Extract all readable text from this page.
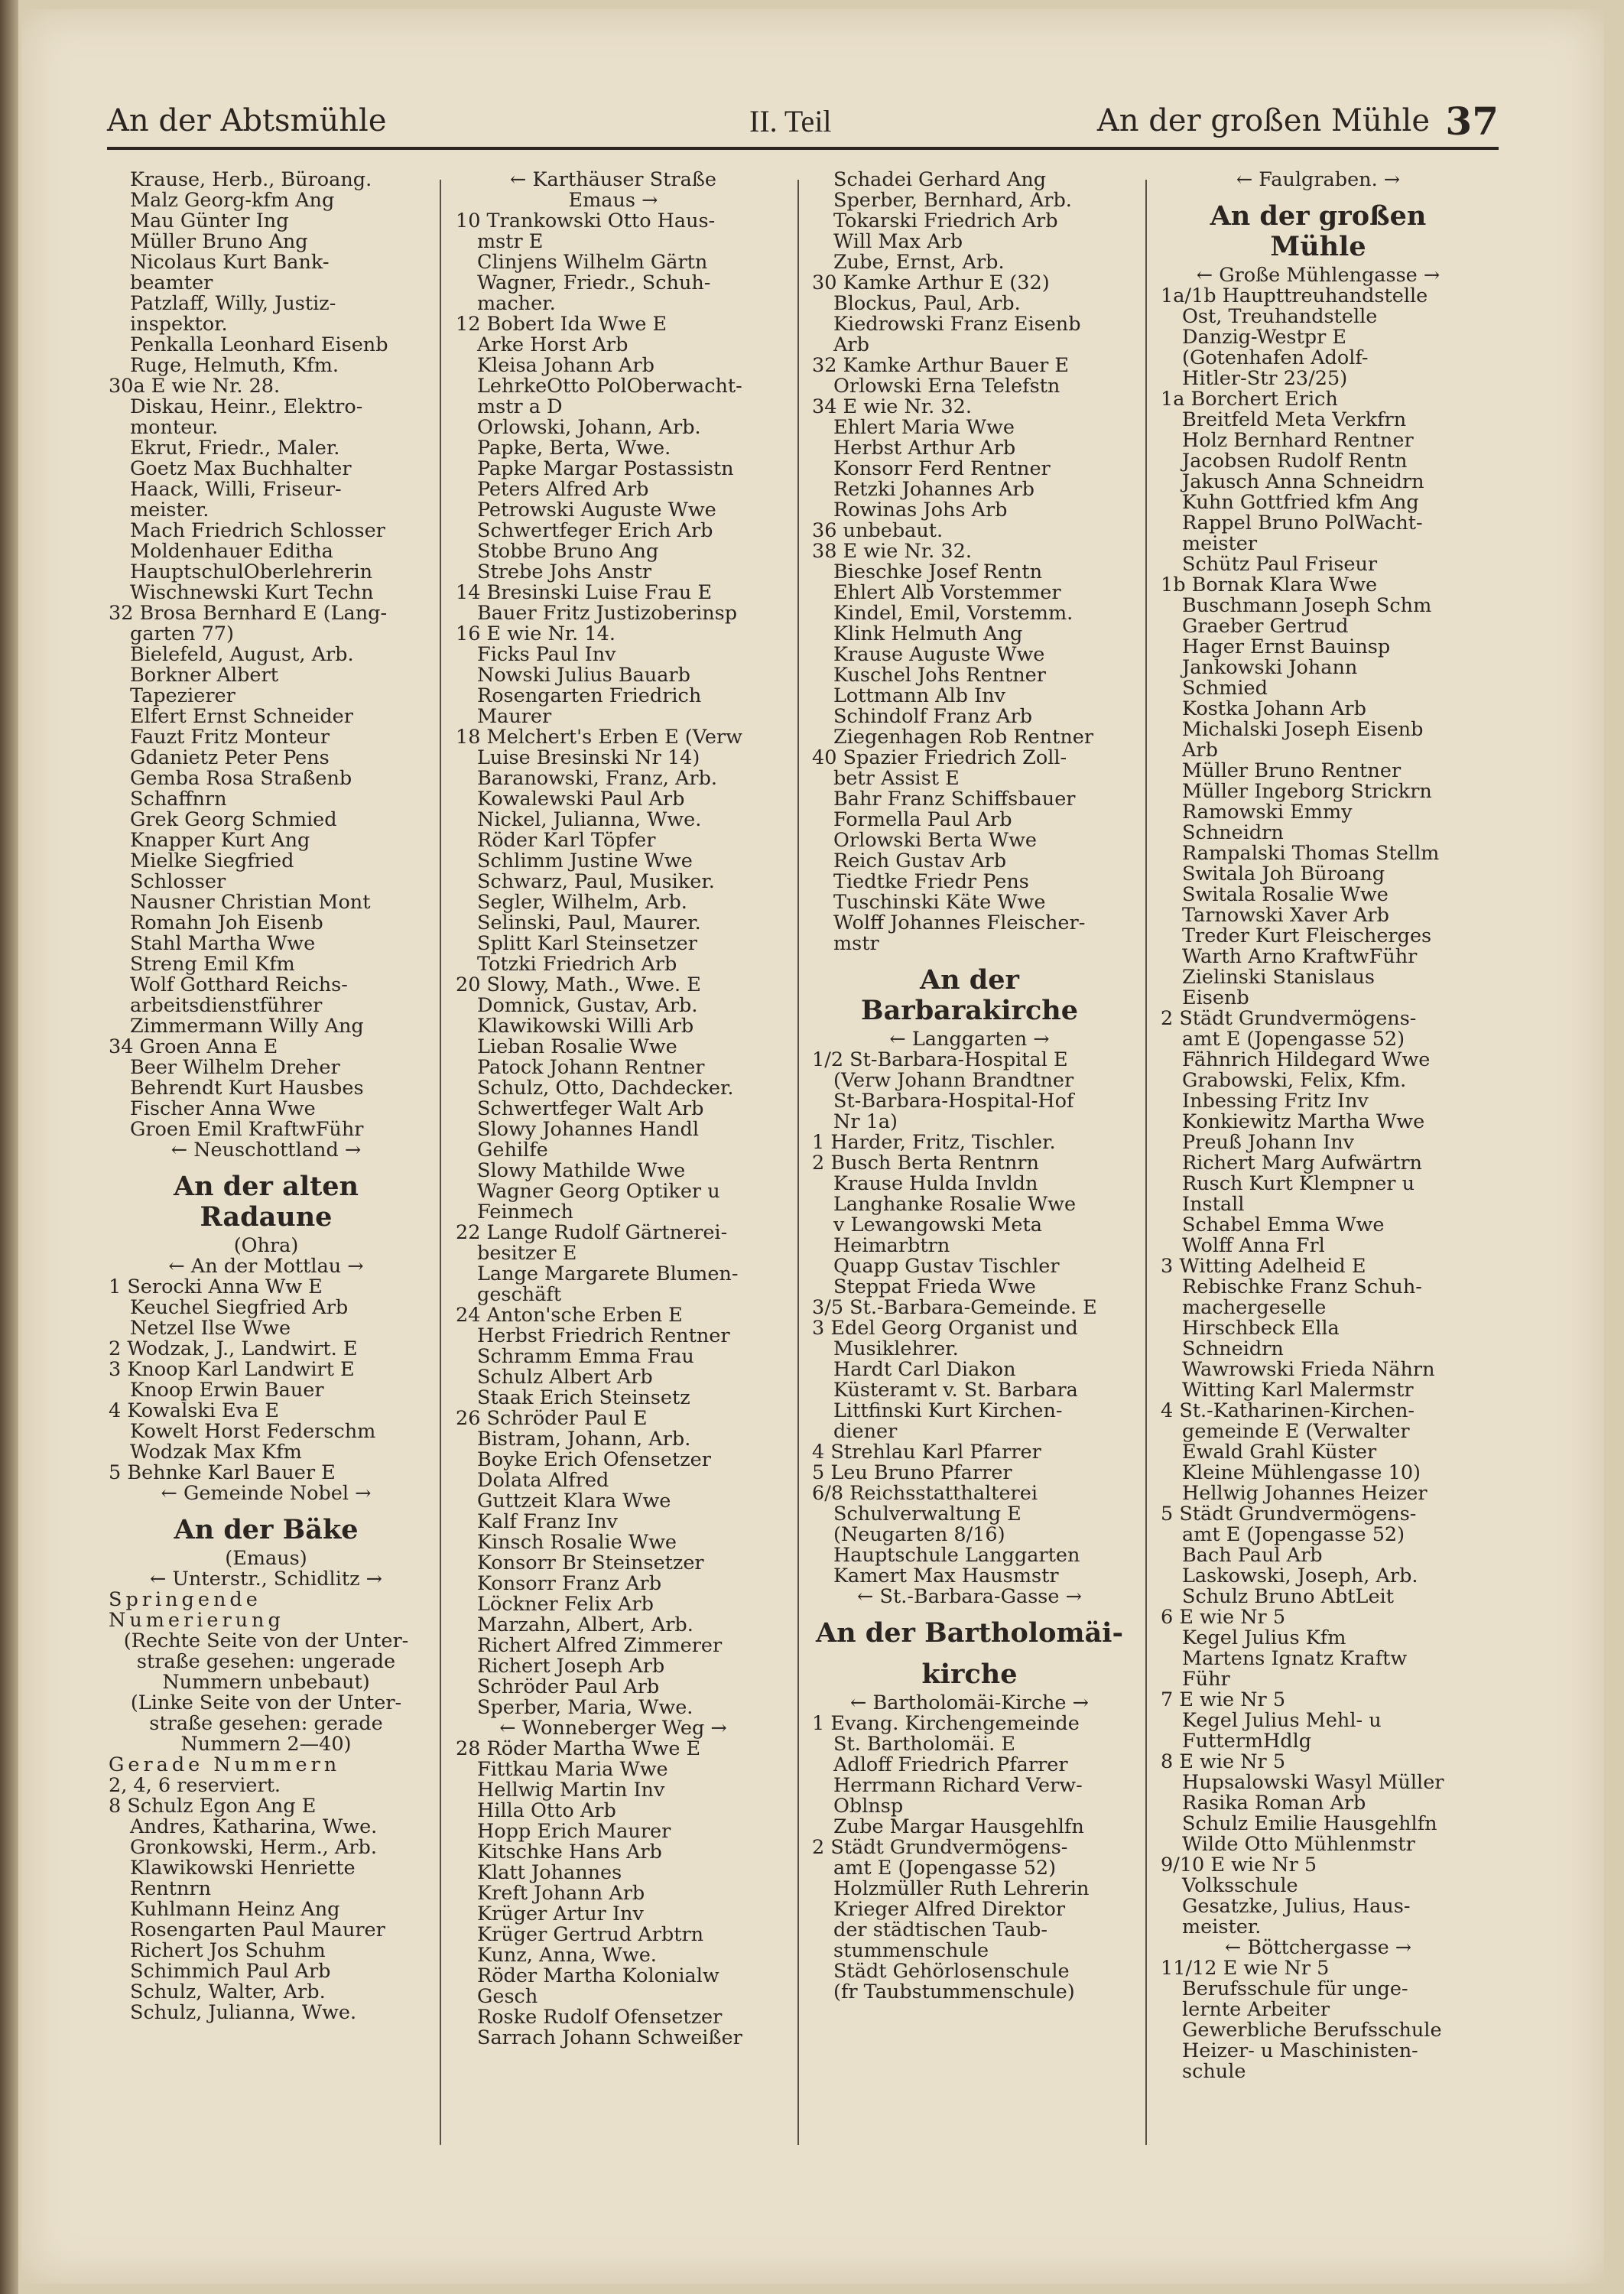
An der Abtsmühle	II. Teil	An der großen Mühle 37
Krause, Herb., Büroang.
Malz Georg-kfm Ang
Mau Günter Ing
Müller Bruno Ang
Nicolaus Kurt Bank-
beamter
Patzlaff, Willy, Justiz-
inspektor.
Penkalla Leonhard Eisenb
Ruge, Helmuth, Kfm.
30a E wie Nr. 28.
Diskau, Heinr., Elektro-
monteur.
Ekrut, Friedr., Maler.
Goetz Max Buchhalter
Haack, Willi, Friseur-
meister.
Mach Friedrich Schlosser
Moldenhauer Editha
HauptschulOberlehrerin
Wischnewski Kurt Techn
32 Brosa Bernhard E (Lang-
garten 77)
Bielefeld, August, Arb.
Borkner Albert
Tapezierer
Elfert Ernst Schneider
Fauzt Fritz Monteur
Gdanietz Peter Pens
Gemba Rosa Straßenb
Schaffnrn
Grek Georg Schmied
Knapper Kurt Ang
Mielke Siegfried
Schlosser
Nausner Christian Mont
Romahn Joh Eisenb
Stahl Martha Wwe
Streng Emil Kfm
Wolf Gotthard Reichs-
arbeitsdienstführer
Zimmermann Willy Ang
34 Groen Anna E
Beer Wilhelm Dreher
Behrendt Kurt Hausbes
Fischer Anna Wwe
Groen Emil KraftwFühr
← Neuschottland →
An der alten Radaune
(Ohra)
← An der Mottlau →
1 Serocki Anna Ww E
Keuchel Siegfried Arb
Netzel Ilse Wwe
2 Wodzak, J., Landwirt. E
3 Knoop Karl Landwirt E
Knoop Erwin Bauer
4 Kowalski Eva E
Kowelt Horst Federschm
Wodzak Max Kfm
5 Behnke Karl Bauer E
← Gemeinde Nobel →
An der Bäke
(Emaus)
← Unterstr., Schidlitz →
Springende
Numerierung
(Rechte Seite von der Unter-
straße gesehen: ungerade
Nummern unbebaut)
(Linke Seite von der Unter-
straße gesehen: gerade
Nummern 2—40)
Gerade Nummern
2, 4, 6 reserviert.
8 Schulz Egon Ang E
Andres, Katharina, Wwe.
Gronkowski, Herm., Arb.
Klawikowski Henriette
Rentnrn
Kuhlmann Heinz Ang
Rosengarten Paul Maurer
Richert Jos Schuhm
Schimmich Paul Arb
Schulz, Walter, Arb.
Schulz, Julianna, Wwe.
← Karthäuser Straße
Emaus →
10 Trankowski Otto Haus-
mstr E
Clinjens Wilhelm Gärtn
Wagner, Friedr., Schuh-
macher.
12 Bobert Ida Wwe E
Arke Horst Arb
Kleisa Johann Arb
LehrkeOtto PolOberwacht-
mstr a D
Orlowski, Johann, Arb.
Papke, Berta, Wwe.
Papke Margar Postassistn
Peters Alfred Arb
Petrowski Auguste Wwe
Schwertfeger Erich Arb
Stobbe Bruno Ang
Strebe Johs Anstr
14 Bresinski Luise Frau E
Bauer Fritz Justizoberinsp
16 E wie Nr. 14.
Ficks Paul Inv
Nowski Julius Bauarb
Rosengarten Friedrich
Maurer
18 Melchert's Erben E (Verw
Luise Bresinski Nr 14)
Baranowski, Franz, Arb.
Kowalewski Paul Arb
Nickel, Julianna, Wwe.
Röder Karl Töpfer
Schlimm Justine Wwe
Schwarz, Paul, Musiker.
Segler, Wilhelm, Arb.
Selinski, Paul, Maurer.
Splitt Karl Steinsetzer
Totzki Friedrich Arb
20 Slowy, Math., Wwe. E
Domnick, Gustav, Arb.
Klawikowski Willi Arb
Lieban Rosalie Wwe
Patock Johann Rentner
Schulz, Otto, Dachdecker.
Schwertfeger Walt Arb
Slowy Johannes Handl
Gehilfe
Slowy Mathilde Wwe
Wagner Georg Optiker u
Feinmech
22 Lange Rudolf Gärtnerei-
besitzer E
Lange Margarete Blumen-
geschäft
24 Anton'sche Erben E
Herbst Friedrich Rentner
Schramm Emma Frau
Schulz Albert Arb
Staak Erich Steinsetz
26 Schröder Paul E
Bistram, Johann, Arb.
Boyke Erich Ofensetzer
Dolata Alfred
Guttzeit Klara Wwe
Kalf Franz Inv
Kinsch Rosalie Wwe
Konsorr Br Steinsetzer
Konsorr Franz Arb
Löckner Felix Arb
Marzahn, Albert, Arb.
Richert Alfred Zimmerer
Richert Joseph Arb
Schröder Paul Arb
Sperber, Maria, Wwe.
← Wonneberger Weg →
28 Röder Martha Wwe E
Fittkau Maria Wwe
Hellwig Martin Inv
Hilla Otto Arb
Hopp Erich Maurer
Kitschke Hans Arb
Klatt Johannes
Kreft Johann Arb
Krüger Artur Inv
Krüger Gertrud Arbtrn
Kunz, Anna, Wwe.
Röder Martha Kolonialw
Gesch
Roske Rudolf Ofensetzer
Sarrach Johann Schweißer
Schadei Gerhard Ang
Sperber, Bernhard, Arb.
Tokarski Friedrich Arb
Will Max Arb
Zube, Ernst, Arb.
30 Kamke Arthur E (32)
Blockus, Paul, Arb.
Kiedrowski Franz Eisenb
Arb
32 Kamke Arthur Bauer E
Orlowski Erna Telefstn
34 E wie Nr. 32.
Ehlert Maria Wwe
Herbst Arthur Arb
Konsorr Ferd Rentner
Retzki Johannes Arb
Rowinas Johs Arb
36 unbebaut.
38 E wie Nr. 32.
Bieschke Josef Rentn
Ehlert Alb Vorstemmer
Kindel, Emil, Vorstemm.
Klink Helmuth Ang
Krause Auguste Wwe
Kuschel Johs Rentner
Lottmann Alb Inv
Schindolf Franz Arb
Ziegenhagen Rob Rentner
40 Spazier Friedrich Zoll-
betr Assist E
Bahr Franz Schiffsbauer
Formella Paul Arb
Orlowski Berta Wwe
Reich Gustav Arb
Tiedtke Friedr Pens
Tuschinski Käte Wwe
Wolff Johannes Fleischer-
mstr
An der Barbarakirche
← Langgarten →
1/2 St-Barbara-Hospital E
(Verw Johann Brandtner
St-Barbara-Hospital-Hof
Nr 1a)
1 Harder, Fritz, Tischler.
2 Busch Berta Rentnrn
Krause Hulda Invldn
Langhanke Rosalie Wwe
v Lewangowski Meta
Heimarbtrn
Quapp Gustav Tischler
Steppat Frieda Wwe
3/5 St.-Barbara-Gemeinde. E
3 Edel Georg Organist und
Musiklehrer.
Hardt Carl Diakon
Küsteramt v. St. Barbara
Littfinski Kurt Kirchen-
diener
4 Strehlau Karl Pfarrer
5 Leu Bruno Pfarrer
6/8 Reichsstatthalterei
Schulverwaltung E
(Neugarten 8/16)
Hauptschule Langgarten
Kamert Max Hausmstr
← St.-Barbara-Gasse →
An der Bartholomäi-
kirche
← Bartholomäi-Kirche →
1 Evang. Kirchengemeinde
St. Bartholomäi. E
Adloff Friedrich Pfarrer
Herrmann Richard Verw-
Oblnsp
Zube Margar Hausgehlfn
2 Städt Grundvermögens-
amt E (Jopengasse 52)
Holzmüller Ruth Lehrerin
Krieger Alfred Direktor
der städtischen Taub-
stummenschule
Städt Gehörlosenschule
(fr Taubstummenschule)
← Faulgraben. →
An der großen Mühle
← Große Mühlengasse →
1a/1b Haupttreuhandstelle
Ost, Treuhandstelle
Danzig-Westpr E
(Gotenhafen Adolf-
Hitler-Str 23/25)
1a Borchert Erich
Breitfeld Meta Verkfrn
Holz Bernhard Rentner
Jacobsen Rudolf Rentn
Jakusch Anna Schneidrn
Kuhn Gottfried kfm Ang
Rappel Bruno PolWacht-
meister
Schütz Paul Friseur
1b Bornak Klara Wwe
Buschmann Joseph Schm
Graeber Gertrud
Hager Ernst Bauinsp
Jankowski Johann
Schmied
Kostka Johann Arb
Michalski Joseph Eisenb
Arb
Müller Bruno Rentner
Müller Ingeborg Strickrn
Ramowski Emmy
Schneidrn
Rampalski Thomas Stellm
Switala Joh Büroang
Switala Rosalie Wwe
Tarnowski Xaver Arb
Treder Kurt Fleischerges
Warth Arno KraftwFühr
Zielinski Stanislaus
Eisenb
2 Städt Grundvermögens-
amt E (Jopengasse 52)
Fähnrich Hildegard Wwe
Grabowski, Felix, Kfm.
Inbessing Fritz Inv
Konkiewitz Martha Wwe
Preuß Johann Inv
Richert Marg Aufwärtrn
Rusch Kurt Klempner u
Install
Schabel Emma Wwe
Wolff Anna Frl
3 Witting Adelheid E
Rebischke Franz Schuh-
machergeselle
Hirschbeck Ella
Schneidrn
Wawrowski Frieda Nährn
Witting Karl Malermstr
4 St.-Katharinen-Kirchen-
gemeinde E (Verwalter
Ewald Grahl Küster
Kleine Mühlengasse 10)
Hellwig Johannes Heizer
5 Städt Grundvermögens-
amt E (Jopengasse 52)
Bach Paul Arb
Laskowski, Joseph, Arb.
Schulz Bruno AbtLeit
6 E wie Nr 5
Kegel Julius Kfm
Martens Ignatz Kraftw
Führ
7 E wie Nr 5
Kegel Julius Mehl- u
FuttermHdlg
8 E wie Nr 5
Hupsalowski Wasyl Müller
Rasika Roman Arb
Schulz Emilie Hausgehlfn
Wilde Otto Mühlenmstr
9/10 E wie Nr 5
Volksschule
Gesatzke, Julius, Haus-
meister.
← Böttchergasse →
11/12 E wie Nr 5
Berufsschule für unge-
lernte Arbeiter
Gewerbliche Berufsschule
Heizer- u Maschinisten-
schule
